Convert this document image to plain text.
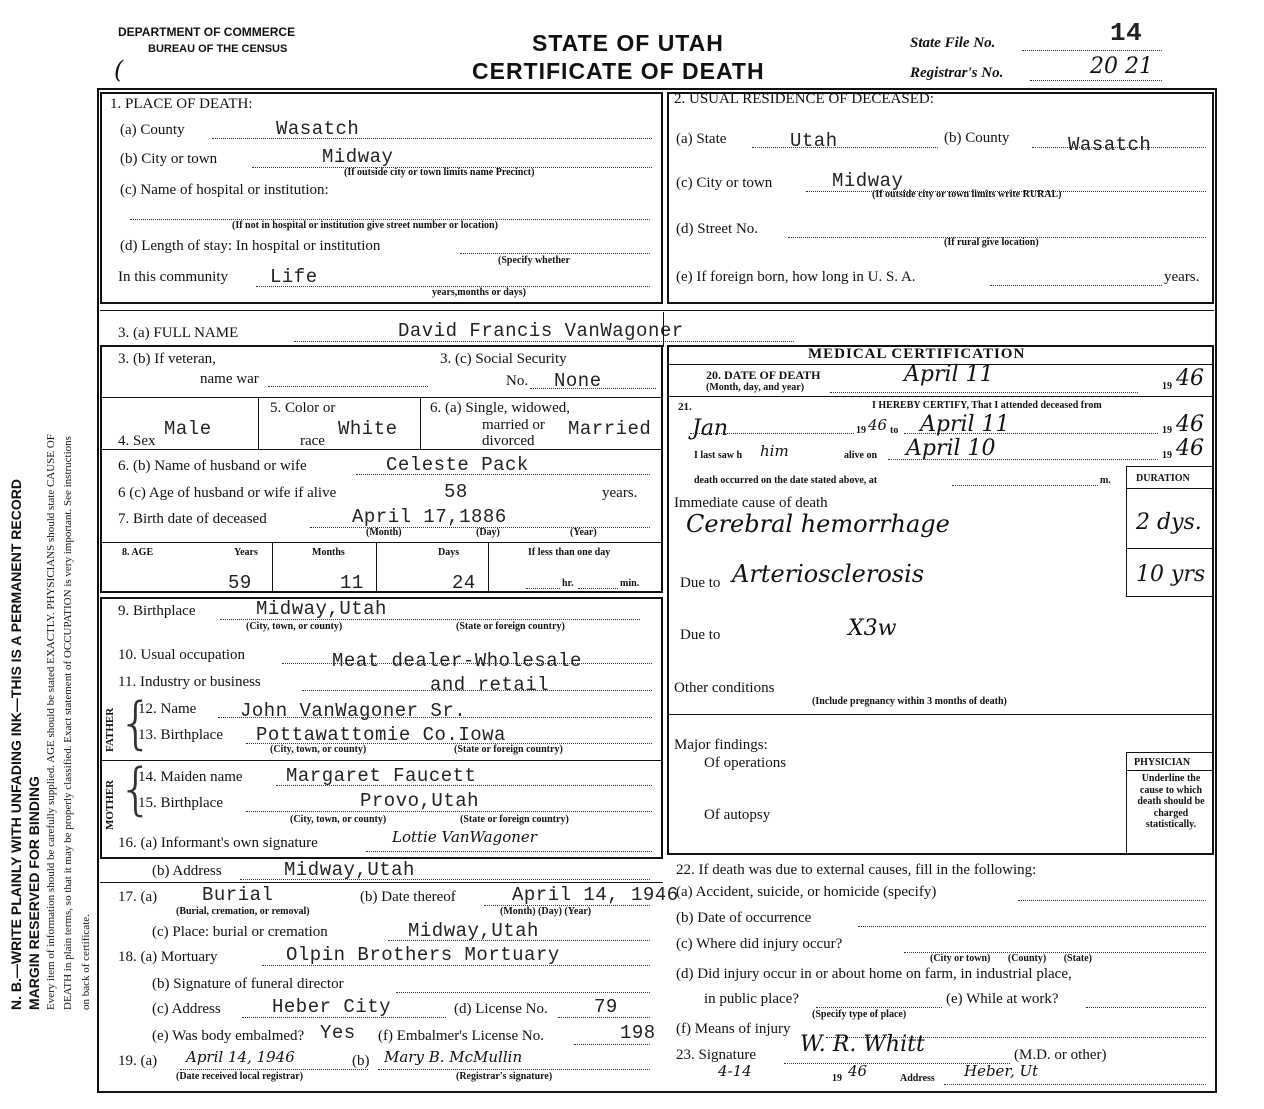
N. B.—WRITE PLAINLY WITH UNFADING INK—THIS IS A PERMANENT RECORD MARGIN RESERVED FOR BINDING Every item of information should be carefully supplied. AGE should be stated EXACTLY. PHYSICIANS should state CAUSE OF DEATH in plain terms, so that it may be properly classified. Exact statement of OCCUPATION is very important. See instructions on back of certificate.
DEPARTMENT OF COMMERCE
BUREAU OF THE CENSUS
(
STATE OF UTAH
CERTIFICATE OF DEATH
State File No.	14
Registrar's No.	20 21
1. PLACE OF DEATH:
(a) County	Wasatch
(b) City or town	Midway
(If outside city or town limits name Precinct)
(c) Name of hospital or institution:
(If not in hospital or institution give street number or location)
(d) Length of stay: In hospital or institution
(Specify whether
In this community Life
years,months or days)
2. USUAL RESIDENCE OF DECEASED:
(a) State	Utah	(b) County	Wasatch
(c) City or town	Midway
(If outside city or town limits write RURAL)
(d) Street No.
(If rural give location)
(e) If foreign born, how long in U. S. A.	years.
3. (a) FULL NAME	David Francis VanWagoner
3. (b) If veteran,
name war
3. (c) Social Security
No. None
4. Sex
Male
5. Color or
race
White
6. (a) Single, widowed,
married or
divorced
Married
6. (b) Name of husband or wife	Celeste Pack
6 (c) Age of husband or wife if alive	58	years.
7. Birth date of deceased	April 17,1886
(Month)	(Day)	(Year)
8. AGE	Years	Months	Days	If less than one day
59	11	24	hr.	min.
9. Birthplace	Midway,Utah
(City, town, or county)	(State or foreign country)
10. Usual occupation	Meat dealer-Wholesale
11. Industry or business	and retail
FATHER
MOTHER
{
{
12. Name John VanWagoner Sr.
13. Birthplace Pottawattomie Co.Iowa
(City, town, or county)	(State or foreign country)
14. Maiden name Margaret Faucett
15. Birthplace	Provo,Utah
(City, town, or county)	(State or foreign country)
16. (a) Informant's own signature	Lottie VanWagoner
(b) Address	Midway,Utah
17. (a) Burial
(Burial, cremation, or removal)
(b) Date thereof	April 14, 1946
(Month) (Day) (Year)
(c) Place: burial or cremation	Midway,Utah
18. (a) Mortuary	Olpin Brothers Mortuary
(b) Signature of funeral director
(c) Address	Heber City	(d) License No. 79
(e) Was body embalmed? Yes (f) Embalmer's License No.	198
19. (a) April 14, 1946
(Date received local registrar)
(b) Mary B. McMullin
(Registrar's signature)
MEDICAL CERTIFICATION
20. DATE OF DEATH
(Month, day, and year)
April 11	19 46
21.	I HEREBY CERTIFY, That I attended deceased from
Jan	19 46 to April 11	19 46
I last saw h him	alive on April 10	19 46
death occurred on the date stated above, at	m.	DURATION
Immediate cause of death
Cerebral hemorrhage	2 dys.
Due to Arteriosclerosis	10 yrs
Due to	X3w
Other conditions
(Include pregnancy within 3 months of death)
Major findings:
Of operations
Of autopsy
PHYSICIAN
Underline the cause to which death should be charged statistically.
22. If death was due to external causes, fill in the following:
(a) Accident, suicide, or homicide (specify)
(b) Date of occurrence
(c) Where did injury occur?
(City or town)       (County)       (State)
(d) Did injury occur in or about home on farm, in industrial place,
in public place?
(Specify type of place)
(e) While at work?
(f) Means of injury
23. Signature W. R. Whitt	(M.D. or other)
4-14	19 46	Address Heber, Ut
